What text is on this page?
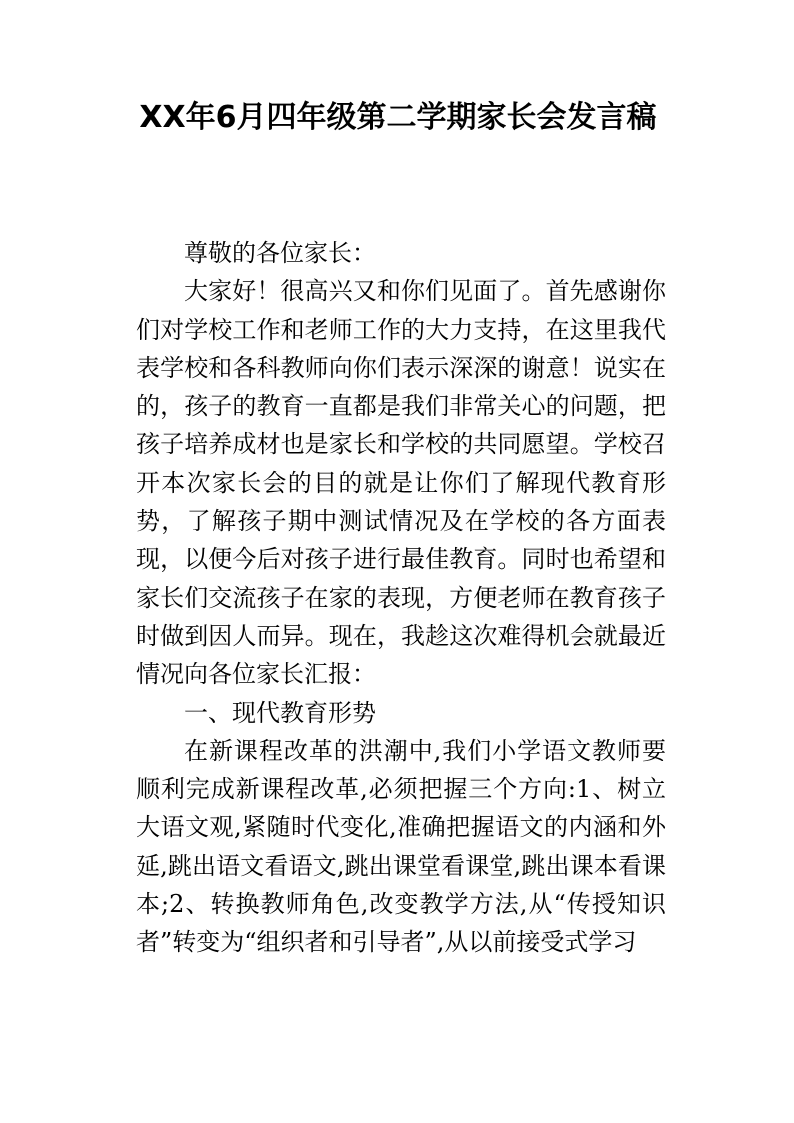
XX年6月四年级第二学期家长会发言稿

尊敬的各位家长：

大家好！很高兴又和你们见面了。首先感谢你们对学校工作和老师工作的大力支持，在这里我代表学校和各科教师向你们表示深深的谢意！说实在的，孩子的教育一直都是我们非常关心的问题，把孩子培养成材也是家长和学校的共同愿望。学校召开本次家长会的目的就是让你们了解现代教育形势，了解孩子期中测试情况及在学校的各方面表现，以便今后对孩子进行最佳教育。同时也希望和家长们交流孩子在家的表现，方便老师在教育孩子时做到因人而异。现在，我趁这次难得机会就最近情况向各位家长汇报：

一、现代教育形势

在新课程改革的洪潮中,我们小学语文教师要顺利完成新课程改革,必须把握三个方向:1、树立大语文观,紧随时代变化,准确把握语文的内涵和外延,跳出语文看语文,跳出课堂看课堂,跳出课本看课本;2、转换教师角色,改变教学方法,从“传授知识者”转变为“组织者和引导者”,从以前接受式学习
